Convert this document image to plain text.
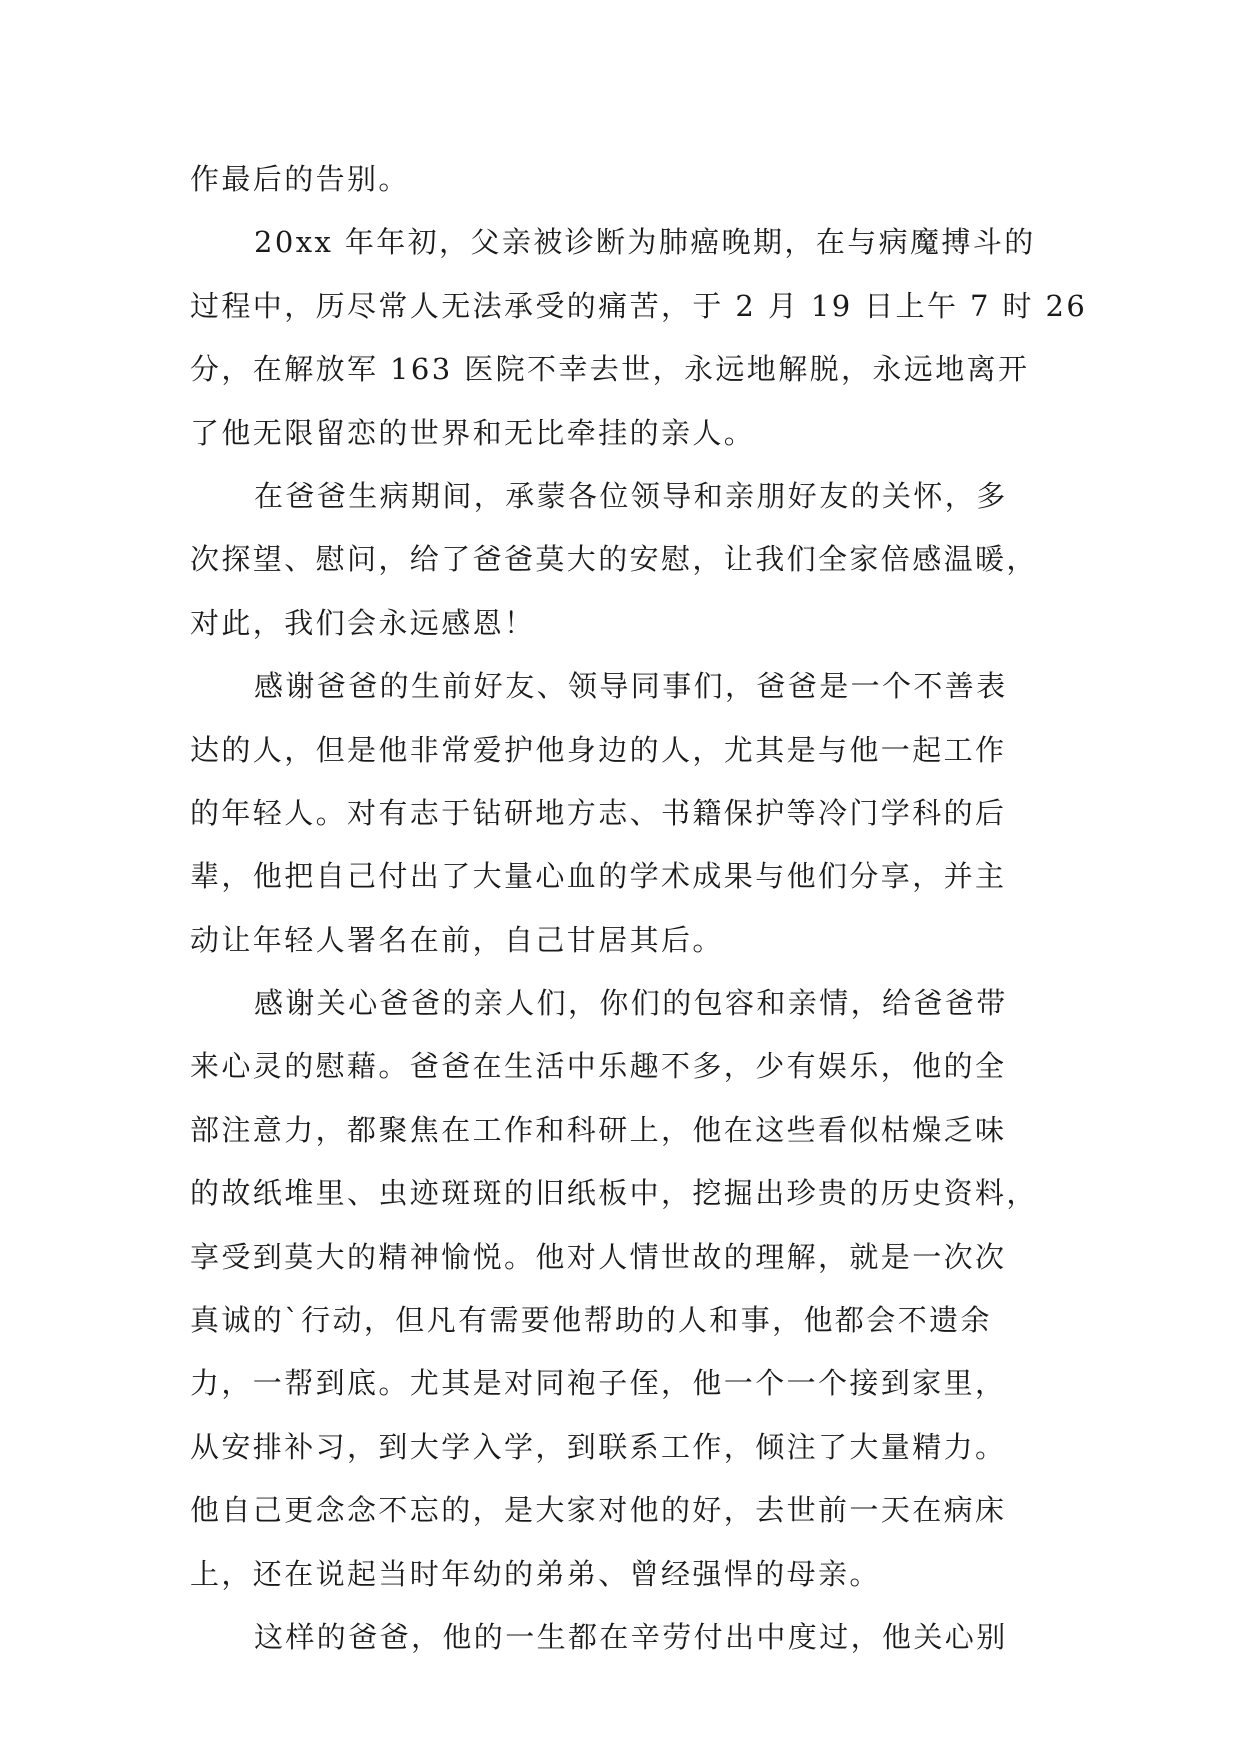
作最后的告别。
20xx 年年初，父亲被诊断为肺癌晚期，在与病魔搏斗的
过程中，历尽常人无法承受的痛苦，于 2 月 19 日上午 7 时 26
分，在解放军 163 医院不幸去世，永远地解脱，永远地离开
了他无限留恋的世界和无比牵挂的亲人。
在爸爸生病期间，承蒙各位领导和亲朋好友的关怀，多
次探望、慰问，给了爸爸莫大的安慰，让我们全家倍感温暖，
对此，我们会永远感恩！
感谢爸爸的生前好友、领导同事们，爸爸是一个不善表
达的人，但是他非常爱护他身边的人，尤其是与他一起工作
的年轻人。对有志于钻研地方志、书籍保护等冷门学科的后
辈，他把自己付出了大量心血的学术成果与他们分享，并主
动让年轻人署名在前，自己甘居其后。
感谢关心爸爸的亲人们，你们的包容和亲情，给爸爸带
来心灵的慰藉。爸爸在生活中乐趣不多，少有娱乐，他的全
部注意力，都聚焦在工作和科研上，他在这些看似枯燥乏味
的故纸堆里、虫迹斑斑的旧纸板中，挖掘出珍贵的历史资料，
享受到莫大的精神愉悦。他对人情世故的理解，就是一次次
真诚的`行动，但凡有需要他帮助的人和事，他都会不遗余
力，一帮到底。尤其是对同袍子侄，他一个一个接到家里，
从安排补习，到大学入学，到联系工作，倾注了大量精力。
他自己更念念不忘的，是大家对他的好，去世前一天在病床
上，还在说起当时年幼的弟弟、曾经强悍的母亲。
这样的爸爸，他的一生都在辛劳付出中度过，他关心别
